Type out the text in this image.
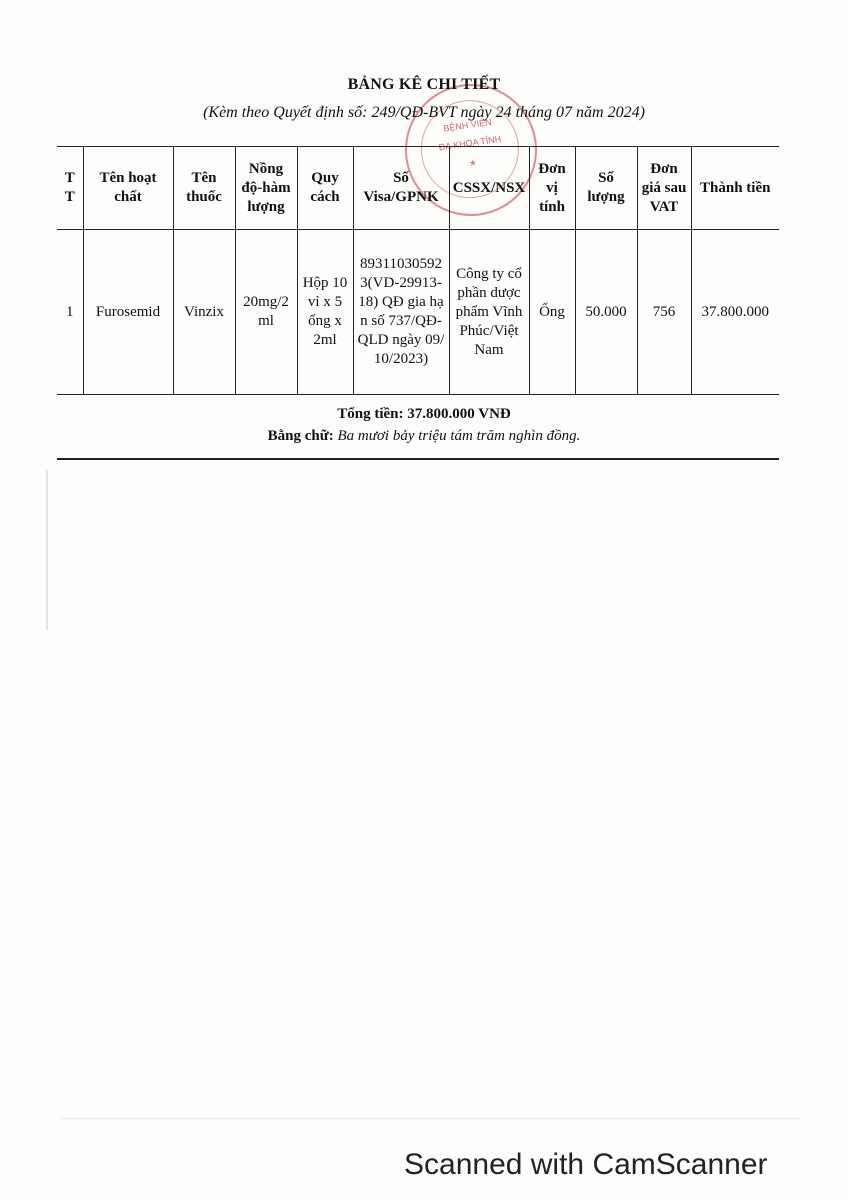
BỆNH VIỆN
ĐA KHOA TỈNH
★
BẢNG KÊ CHI TIẾT
(Kèm theo Quyết định số: 249/QĐ-BVT ngày 24 tháng 07 năm 2024)
TT	Tên hoạt chất	Tên thuốc	Nồng độ-hàm lượng	Quy cách	Số Visa/GPNK	CSSX/NSX	Đơn vị tính	Số lượng	Đơn giá sau VAT	Thành tiền
1	Furosemid	Vinzix	20mg/2ml	Hộp 10 vỉ x 5 ống x 2ml	893110305923(VD-29913-18) QĐ gia hạn số 737/QĐ-QLD ngày 09/10/2023)	Công ty cổ phần dược phẩm Vĩnh Phúc/Việt Nam	Ống	50.000	756	37.800.000
Tổng tiền: 37.800.000 VNĐ
Bằng chữ: Ba mươi bảy triệu tám trăm nghìn đồng.
Scanned with CamScanner
